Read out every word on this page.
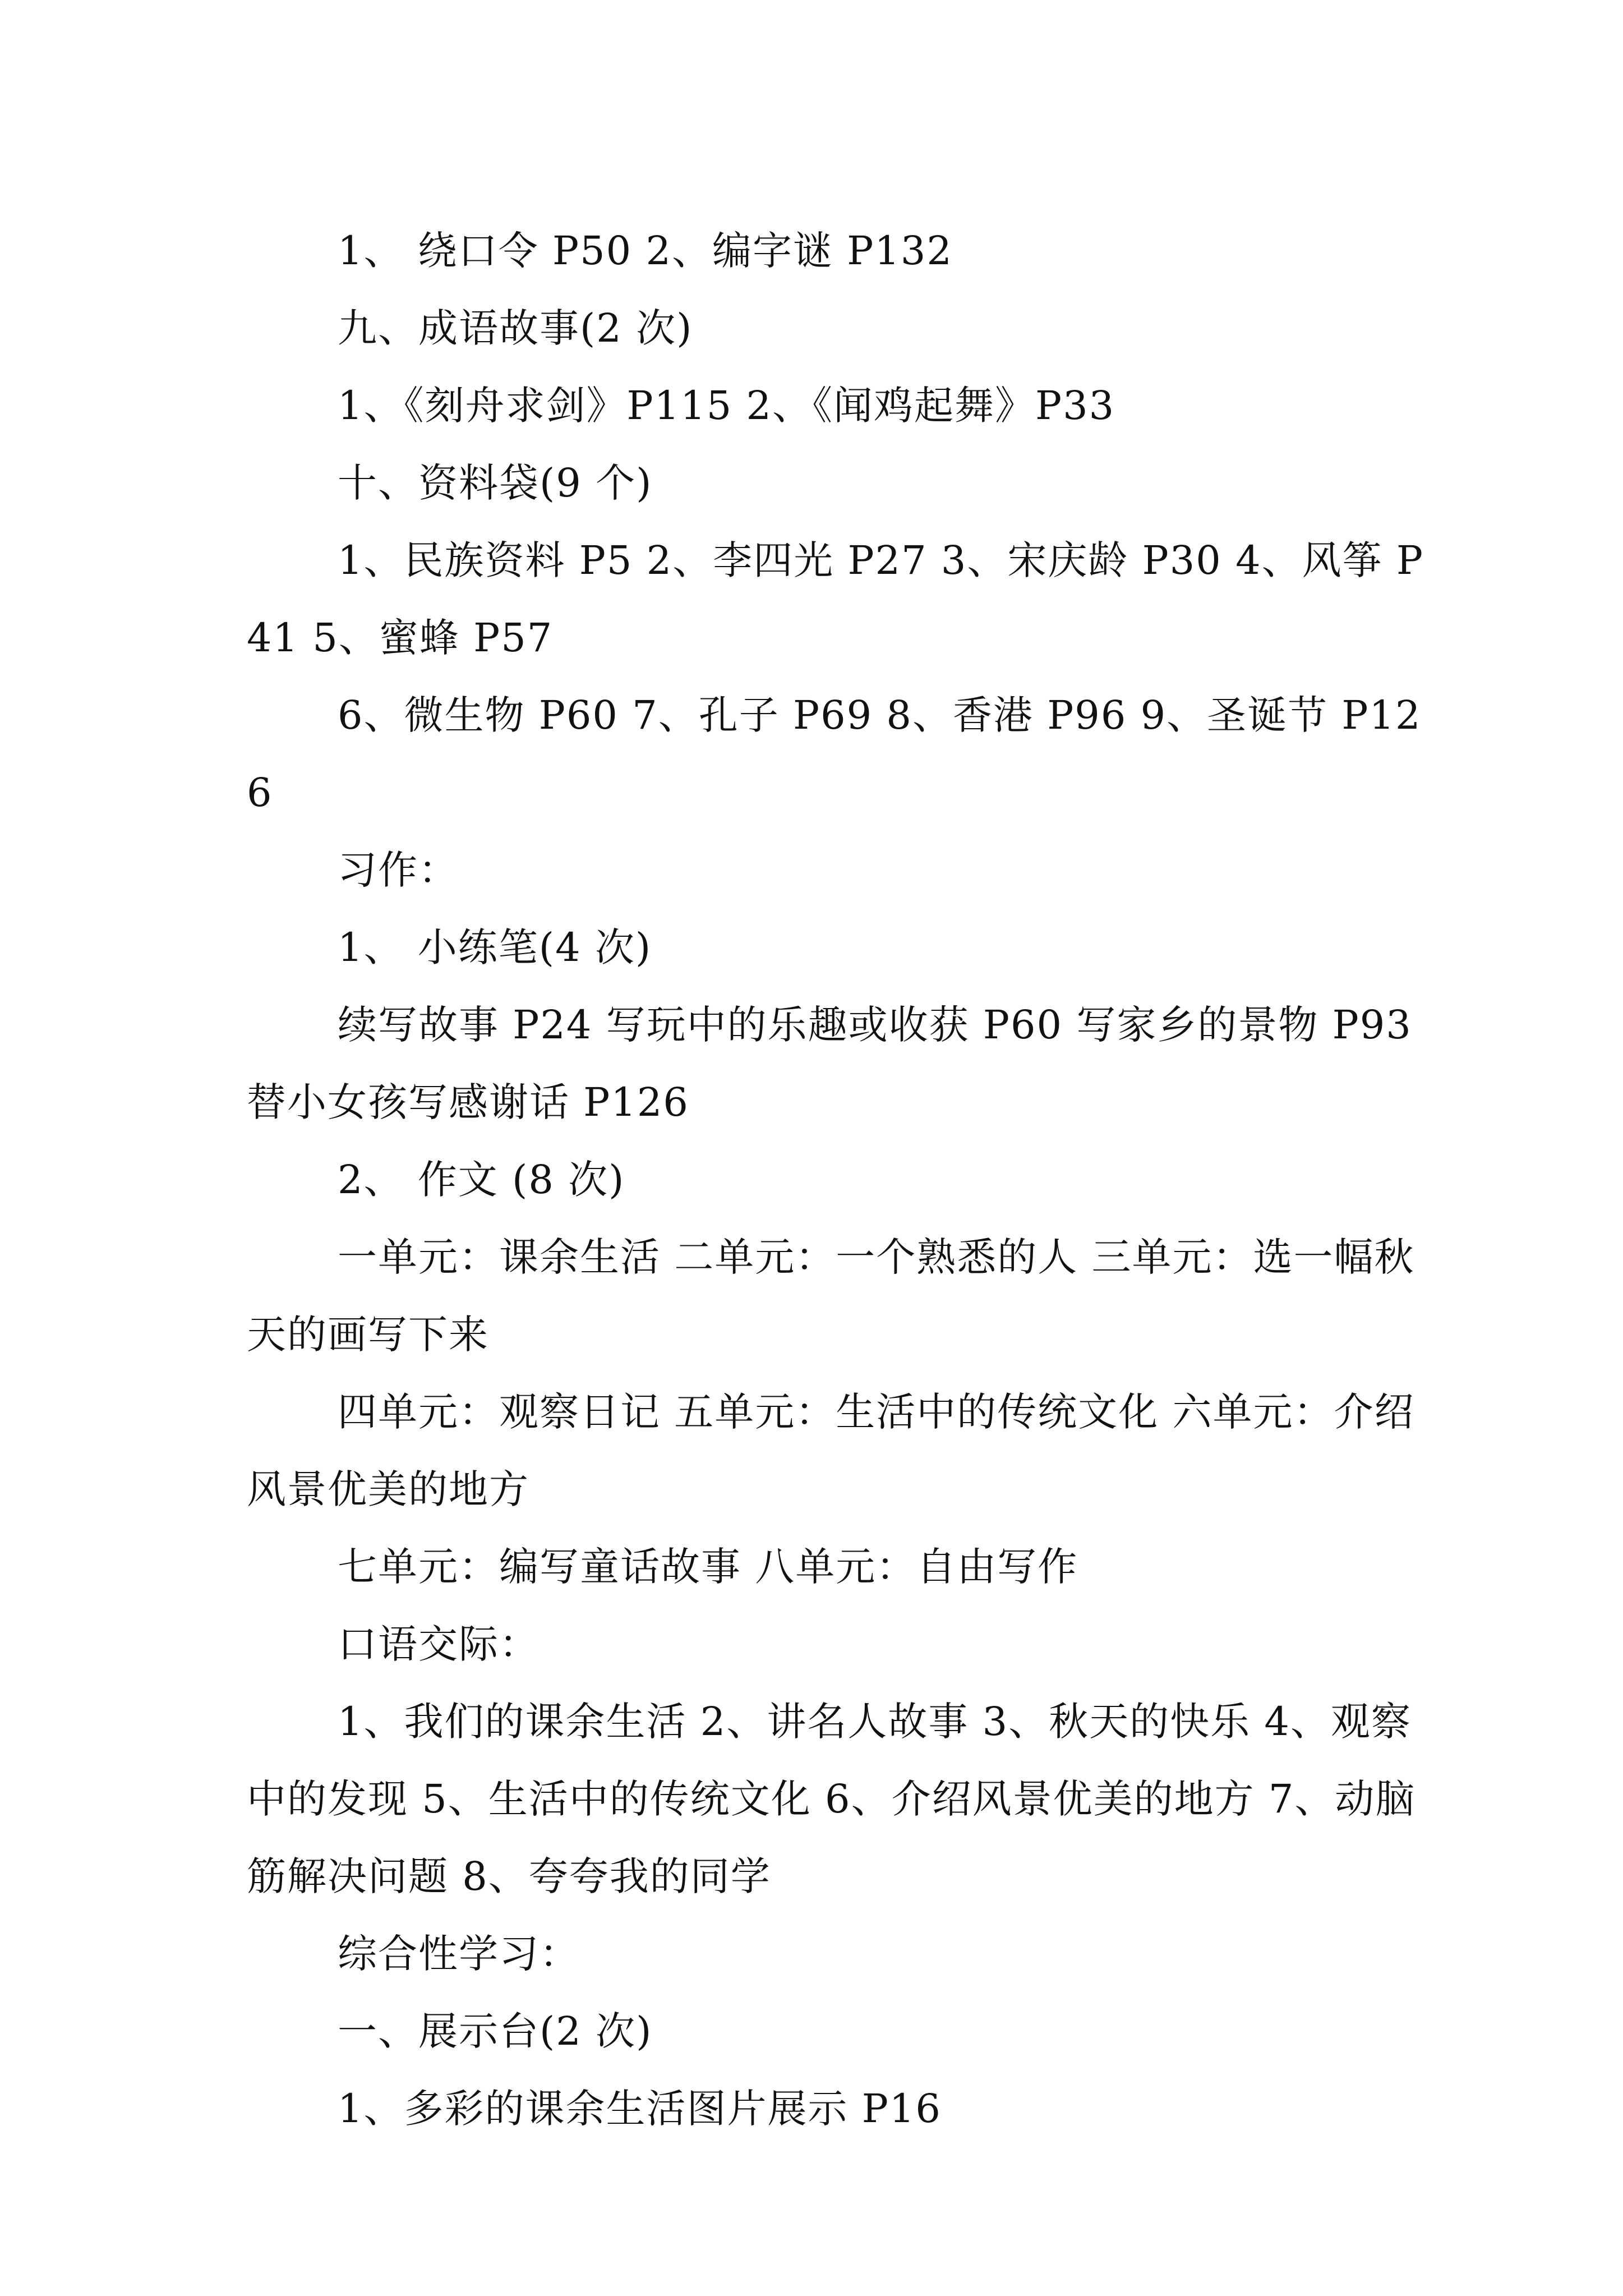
1、 绕口令 P50 2、编字谜 P132

九、成语故事(2 次)

1、《刻舟求剑》P115 2、《闻鸡起舞》P33

十、资料袋(9 个)

1、民族资料 P5 2、李四光 P27 3、宋庆龄 P30 4、风筝 P41 5、蜜蜂 P57

6、微生物 P60 7、孔子 P69 8、香港 P96 9、圣诞节 P126

习作：

1、 小练笔(4 次)

续写故事 P24 写玩中的乐趣或收获 P60 写家乡的景物 P93 替小女孩写感谢话 P126

2、 作文 (8 次)

一单元：课余生活 二单元：一个熟悉的人 三单元：选一幅秋天的画写下来

四单元：观察日记 五单元：生活中的传统文化 六单元：介绍风景优美的地方

七单元：编写童话故事 八单元：自由写作

口语交际：

1、我们的课余生活 2、讲名人故事 3、秋天的快乐 4、观察中的发现 5、生活中的传统文化 6、介绍风景优美的地方 7、动脑筋解决问题 8、夸夸我的同学

综合性学习：

一、展示台(2 次)

1、多彩的课余生活图片展示 P16
